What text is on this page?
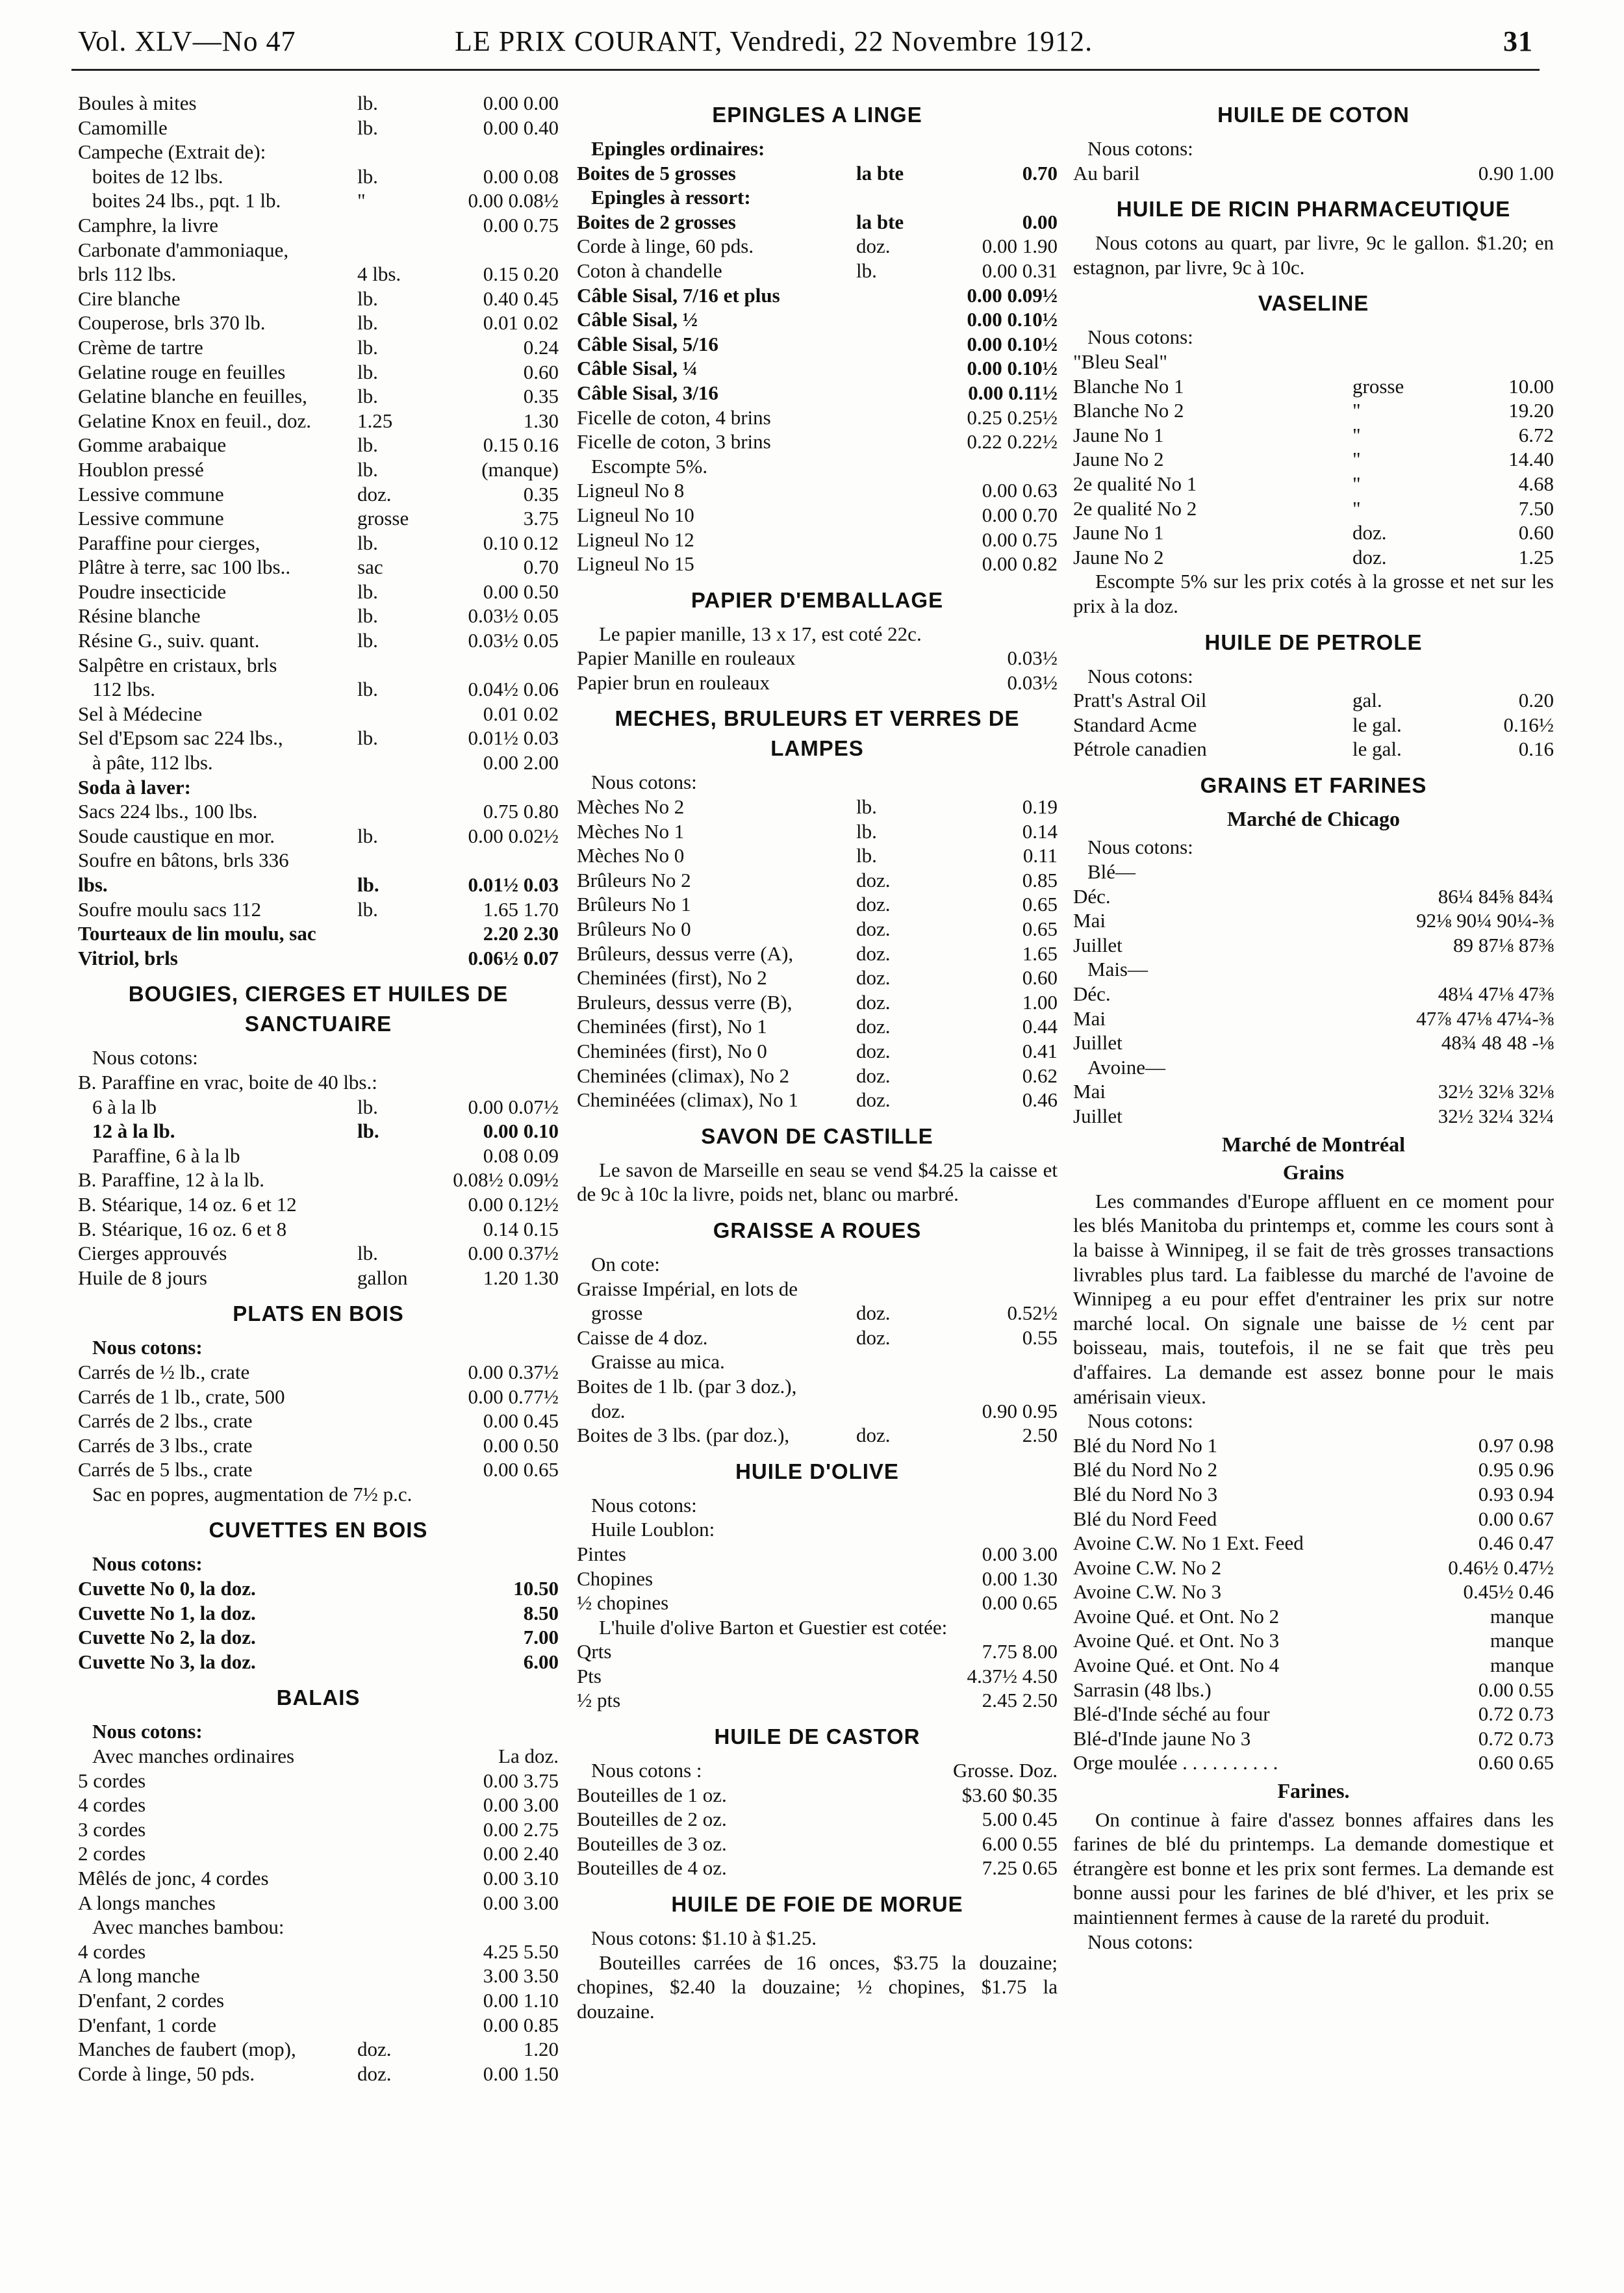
Vol. XLV—No 47	LE PRIX COURANT, Vendredi, 22 Novembre 1912.	31
Boules à mites	lb.	0.00 0.00
Camomille	lb.	0.00 0.40
Campeche (Extrait de):
boites de 12 lbs.	lb.	0.00 0.08
boites 24 lbs., pqt. 1 lb.	"	0.00 0.08½
Camphre, la livre	0.00 0.75
Carbonate d'ammoniaque,
brls 112 lbs.	4 lbs.	0.15 0.20
Cire blanche	lb.	0.40 0.45
Couperose, brls 370 lb.	lb.	0.01 0.02
Crème de tartre	lb.	0.24
Gelatine rouge en feuilles	lb.	0.60
Gelatine blanche en feuilles,	lb.	0.35
Gelatine Knox en feuil., doz.	1.25	1.30
Gomme arabaique	lb.	0.15 0.16
Houblon pressé	lb.	(manque)
Lessive commune	doz.	0.35
Lessive commune	grosse	3.75
Paraffine pour cierges,	lb.	0.10 0.12
Plâtre à terre, sac 100 lbs..	sac	0.70
Poudre insecticide	lb.	0.00 0.50
Résine blanche	lb.	0.03½ 0.05
Résine G., suiv. quant.	lb.	0.03½ 0.05
Salpêtre en cristaux, brls
112 lbs.	lb.	0.04½ 0.06
Sel à Médecine	0.01 0.02
Sel d'Epsom sac 224 lbs.,	lb.	0.01½ 0.03
à pâte, 112 lbs.	0.00 2.00
Soda à laver:
Sacs 224 lbs., 100 lbs.	0.75 0.80
Soude caustique en mor.	lb.	0.00 0.02½
Soufre en bâtons, brls 336
lbs.	lb.	0.01½ 0.03
Soufre moulu sacs 112	lb.	1.65 1.70
Tourteaux de lin moulu, sac	2.20 2.30
Vitriol, brls	0.06½ 0.07
BOUGIES, CIERGES ET HUILES DE SANCTUAIRE
Nous cotons:
B. Paraffine en vrac, boite de 40 lbs.:
6 à la lb	lb.	0.00 0.07½
12 à la lb.	lb.	0.00 0.10
Paraffine, 6 à la lb	0.08 0.09
B. Paraffine, 12 à la lb.	0.08½ 0.09½
B. Stéarique, 14 oz. 6 et 12	0.00 0.12½
B. Stéarique, 16 oz. 6 et 8	0.14 0.15
Cierges approuvés	lb.	0.00 0.37½
Huile de 8 jours	gallon	1.20 1.30
PLATS EN BOIS
Nous cotons:
Carrés de ½ lb., crate	0.00 0.37½
Carrés de 1 lb., crate, 500	0.00 0.77½
Carrés de 2 lbs., crate	0.00 0.45
Carrés de 3 lbs., crate	0.00 0.50
Carrés de 5 lbs., crate	0.00 0.65
Sac en popres, augmentation de 7½ p.c.
CUVETTES EN BOIS
Nous cotons:
Cuvette No 0, la doz.	10.50
Cuvette No 1, la doz.	8.50
Cuvette No 2, la doz.	7.00
Cuvette No 3, la doz.	6.00
BALAIS
Nous cotons:
Avec manches ordinaires	La doz.
5 cordes	0.00 3.75
4 cordes	0.00 3.00
3 cordes	0.00 2.75
2 cordes	0.00 2.40
Mêlés de jonc, 4 cordes	0.00 3.10
A longs manches	0.00 3.00
Avec manches bambou:
4 cordes	4.25 5.50
A long manche	3.00 3.50
D'enfant, 2 cordes	0.00 1.10
D'enfant, 1 corde	0.00 0.85
Manches de faubert (mop),	doz.	1.20
Corde à linge, 50 pds.	doz.	0.00 1.50
EPINGLES A LINGE
Epingles ordinaires:
Boites de 5 grosses	la bte	0.70
Epingles à ressort:
Boites de 2 grosses	la bte	0.00
Corde à linge, 60 pds.	doz.	0.00 1.90
Coton à chandelle	lb.	0.00 0.31
Câble Sisal, 7/16 et plus	0.00 0.09½
Câble Sisal, ½	0.00 0.10½
Câble Sisal, 5/16	0.00 0.10½
Câble Sisal, ¼	0.00 0.10½
Câble Sisal, 3/16	0.00 0.11½
Ficelle de coton, 4 brins	0.25 0.25½
Ficelle de coton, 3 brins	0.22 0.22½
Escompte 5%.
Ligneul No 8	0.00 0.63
Ligneul No 10	0.00 0.70
Ligneul No 12	0.00 0.75
Ligneul No 15	0.00 0.82
PAPIER D'EMBALLAGE

Le papier manille, 13 x 17, est coté 22c.

Papier Manille en rouleaux	0.03½
Papier brun en rouleaux	0.03½
MECHES, BRULEURS ET VERRES DE LAMPES
Nous cotons:
Mèches No 2	lb.	0.19
Mèches No 1	lb.	0.14
Mèches No 0	lb.	0.11
Brûleurs No 2	doz.	0.85
Brûleurs No 1	doz.	0.65
Brûleurs No 0	doz.	0.65
Brûleurs, dessus verre (A),	doz.	1.65
Cheminées (first), No 2	doz.	0.60
Bruleurs, dessus verre (B),	doz.	1.00
Cheminées (first), No 1	doz.	0.44
Cheminées (first), No 0	doz.	0.41
Cheminées (climax), No 2	doz.	0.62
Cheminéées (climax), No 1	doz.	0.46
SAVON DE CASTILLE

Le savon de Marseille en seau se vend $4.25 la caisse et de 9c à 10c la livre, poids net, blanc ou marbré.

GRAISSE A ROUES
On cote:
Graisse Impérial, en lots de
grosse	doz.	0.52½
Caisse de 4 doz.	doz.	0.55
Graisse au mica.
Boites de 1 lb. (par 3 doz.),
doz.	0.90 0.95
Boites de 3 lbs. (par doz.),	doz.	2.50
HUILE D'OLIVE
Nous cotons:
Huile Loublon:
Pintes	0.00 3.00
Chopines	0.00 1.30
½ chopines	0.00 0.65

L'huile d'olive Barton et Guestier est cotée:

Qrts	7.75 8.00
Pts	4.37½ 4.50
½ pts	2.45 2.50
HUILE DE CASTOR
Nous cotons :	Grosse. Doz.
Bouteilles de 1 oz.	$3.60 $0.35
Bouteilles de 2 oz.	5.00 0.45
Bouteilles de 3 oz.	6.00 0.55
Bouteilles de 4 oz.	7.25 0.65
HUILE DE FOIE DE MORUE
Nous cotons: $1.10 à $1.25.

Bouteilles carrées de 16 onces, $3.75 la douzaine; chopines, $2.40 la douzaine; ½ chopines, $1.75 la douzaine.

HUILE DE COTON
Nous cotons:
Au baril	0.90 1.00
HUILE DE RICIN PHARMACEUTIQUE

Nous cotons au quart, par livre, 9c le gallon. $1.20; en estagnon, par livre, 9c à 10c.

VASELINE
Nous cotons:
"Bleu Seal"
Blanche No 1	grosse	10.00
Blanche No 2	"	19.20
Jaune No 1	"	6.72
Jaune No 2	"	14.40
2e qualité No 1	"	4.68
2e qualité No 2	"	7.50
Jaune No 1	doz.	0.60
Jaune No 2	doz.	1.25

Escompte 5% sur les prix cotés à la grosse et net sur les prix à la doz.

HUILE DE PETROLE
Nous cotons:
Pratt's Astral Oil	gal.	0.20
Standard Acme	le gal.	0.16½
Pétrole canadien	le gal.	0.16
GRAINS ET FARINES
Marché de Chicago
Nous cotons:
Blé—
Déc.	86¼ 84⅝ 84¾
Mai	92⅛ 90¼ 90¼-⅜
Juillet	89 87⅛ 87⅜
Mais—
Déc.	48¼ 47⅛ 47⅜
Mai	47⅞ 47⅛ 47¼-⅜
Juillet	48¾ 48 48 -⅛
Avoine—
Mai	32½ 32⅛ 32⅛
Juillet	32½ 32¼ 32¼
Marché de Montréal
Grains

Les commandes d'Europe affluent en ce moment pour les blés Manitoba du printemps et, comme les cours sont à la baisse à Winnipeg, il se fait de très grosses transactions livrables plus tard. La faiblesse du marché de l'avoine de Winnipeg a eu pour effet d'entrainer les prix sur notre marché local. On signale une baisse de ½ cent par boisseau, mais, toutefois, il ne se fait que très peu d'affaires. La demande est assez bonne pour le mais amérisain vieux.

Nous cotons:
Blé du Nord No 1	0.97 0.98
Blé du Nord No 2	0.95 0.96
Blé du Nord No 3	0.93 0.94
Blé du Nord Feed	0.00 0.67
Avoine C.W. No 1 Ext. Feed	0.46 0.47
Avoine C.W. No 2	0.46½ 0.47½
Avoine C.W. No 3	0.45½ 0.46
Avoine Qué. et Ont. No 2	manque
Avoine Qué. et Ont. No 3	manque
Avoine Qué. et Ont. No 4	manque
Sarrasin (48 lbs.)	0.00 0.55
Blé-d'Inde séché au four	0.72 0.73
Blé-d'Inde jaune No 3	0.72 0.73
Orge moulée . . . . . . . . . .	0.60 0.65
Farines.

On continue à faire d'assez bonnes affaires dans les farines de blé du printemps. La demande domestique et étrangère est bonne et les prix sont fermes. La demande est bonne aussi pour les farines de blé d'hiver, et les prix se maintiennent fermes à cause de la rareté du produit.

Nous cotons:
